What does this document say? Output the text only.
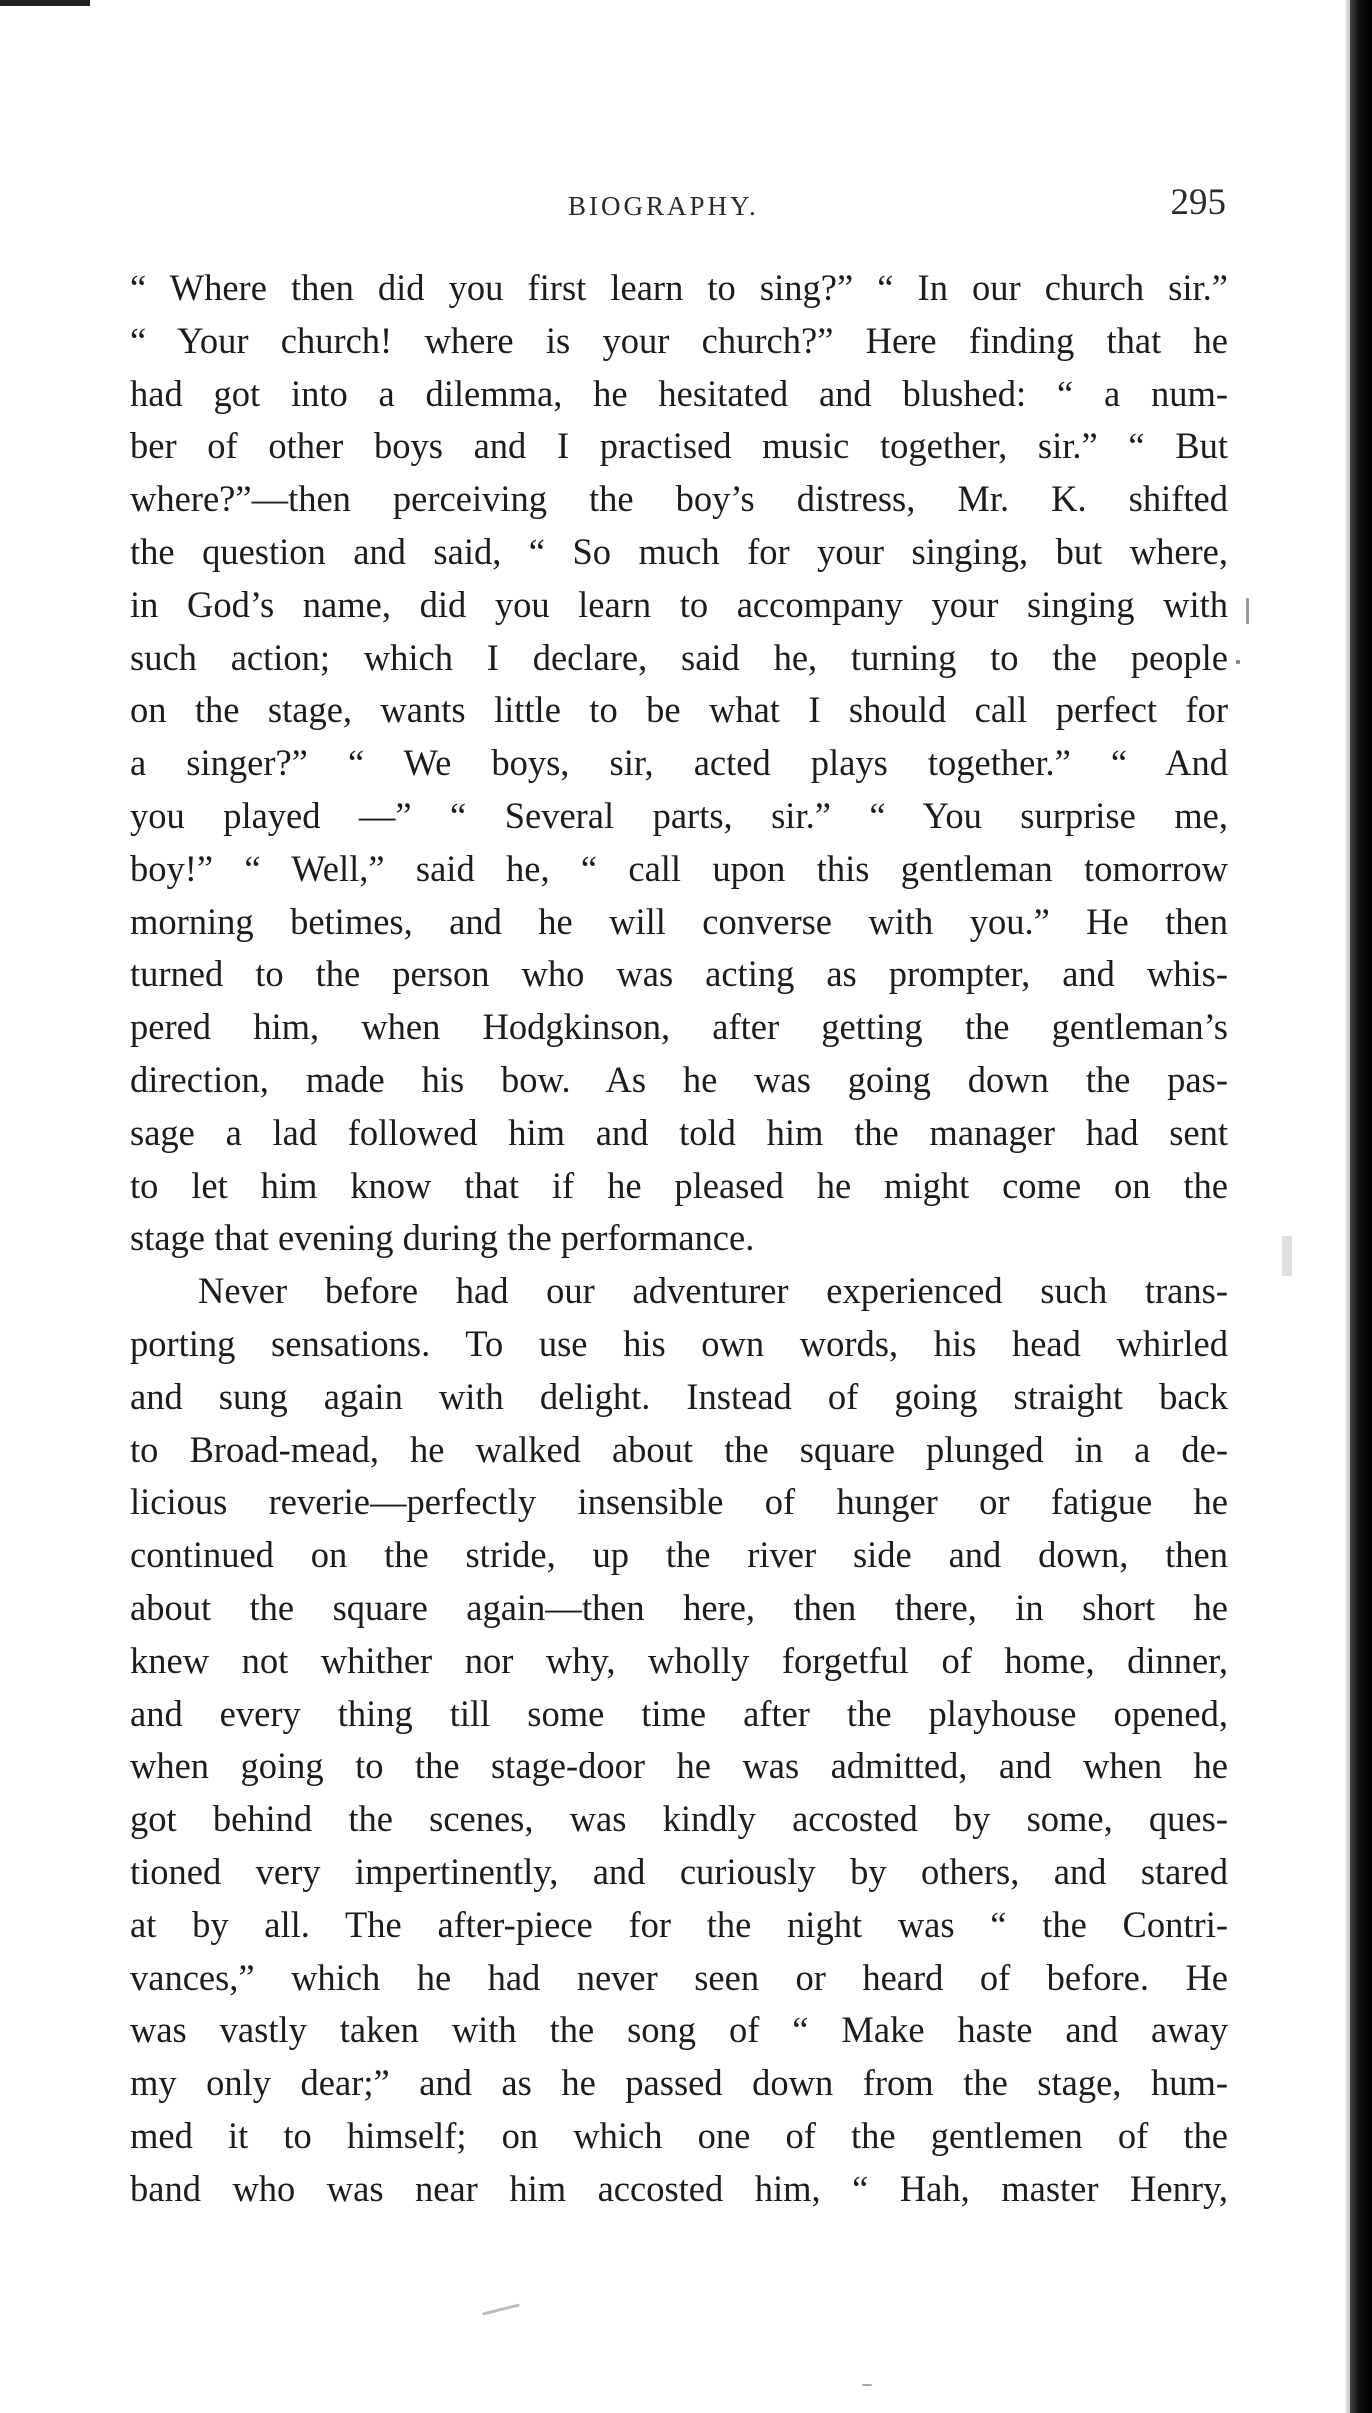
BIOGRAPHY.	295
“ Where then did you first learn to sing?” “ In our church sir.”
“ Your church! where is your church?” Here finding that he
had got into a dilemma, he hesitated and blushed: “ a num-
ber of other boys and I practised music together, sir.” “ But
where?”—then perceiving the boy’s distress, Mr. K. shifted
the question and said, “ So much for your singing, but where,
in God’s name, did you learn to accompany your singing with
such action; which I declare, said he, turning to the people
on the stage, wants little to be what I should call perfect for
a singer?” “ We boys, sir, acted plays together.” “ And
you played —” “ Several parts, sir.” “ You surprise me,
boy!” “ Well,” said he, “ call upon this gentleman tomorrow
morning betimes, and he will converse with you.” He then
turned to the person who was acting as prompter, and whis-
pered him, when Hodgkinson, after getting the gentleman’s
direction, made his bow. As he was going down the pas-
sage a lad followed him and told him the manager had sent
to let him know that if he pleased he might come on the
stage that evening during the performance.
Never before had our adventurer experienced such trans-
porting sensations. To use his own words, his head whirled
and sung again with delight. Instead of going straight back
to Broad-mead, he walked about the square plunged in a de-
licious reverie—perfectly insensible of hunger or fatigue he
continued on the stride, up the river side and down, then
about the square again—then here, then there, in short he
knew not whither nor why, wholly forgetful of home, dinner,
and every thing till some time after the playhouse opened,
when going to the stage-door he was admitted, and when he
got behind the scenes, was kindly accosted by some, ques-
tioned very impertinently, and curiously by others, and stared
at by all. The after-piece for the night was “ the Contri-
vances,” which he had never seen or heard of before. He
was vastly taken with the song of “ Make haste and away
my only dear;” and as he passed down from the stage, hum-
med it to himself; on which one of the gentlemen of the
band who was near him accosted him, “ Hah, master Henry,
